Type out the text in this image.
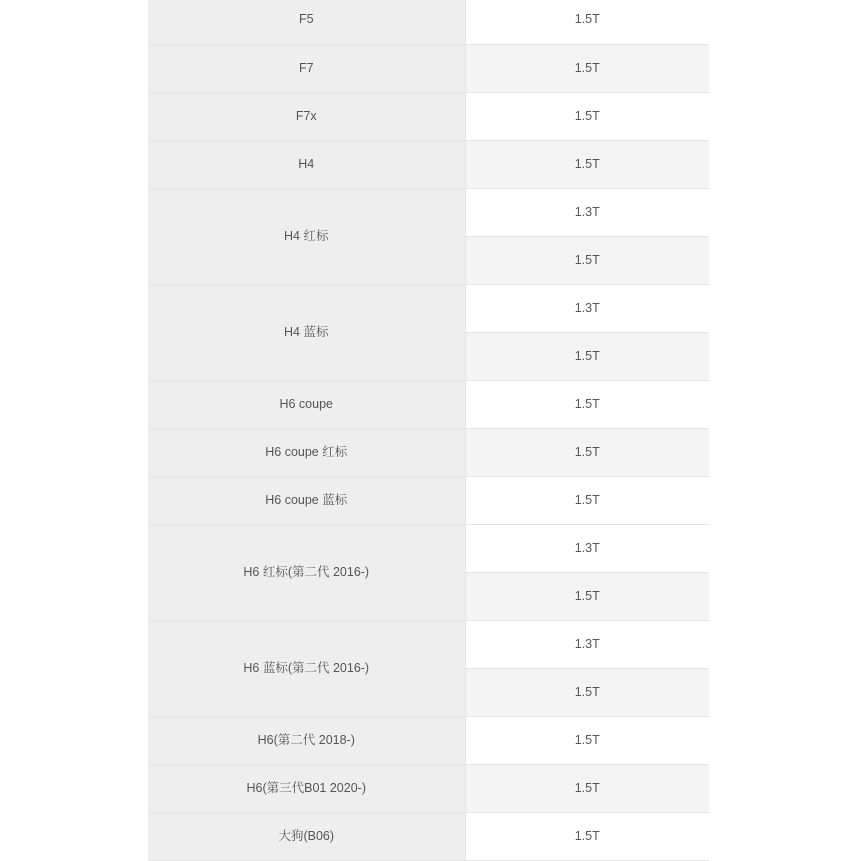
F5	1.5T

F7	1.5T

F7x	1.5T

H4	1.5T

H4 红标	1.3T

	1.5T

H4 蓝标	1.3T

	1.5T

H6 coupe	1.5T

H6 coupe 红标	1.5T

H6 coupe 蓝标	1.5T

H6 红标(第二代 2016-)	1.3T

	1.5T

H6 蓝标(第二代 2016-)	1.3T

	1.5T

H6(第二代 2018-)	1.5T

H6(第三代B01 2020-)	1.5T

大狗(B06)	1.5T
